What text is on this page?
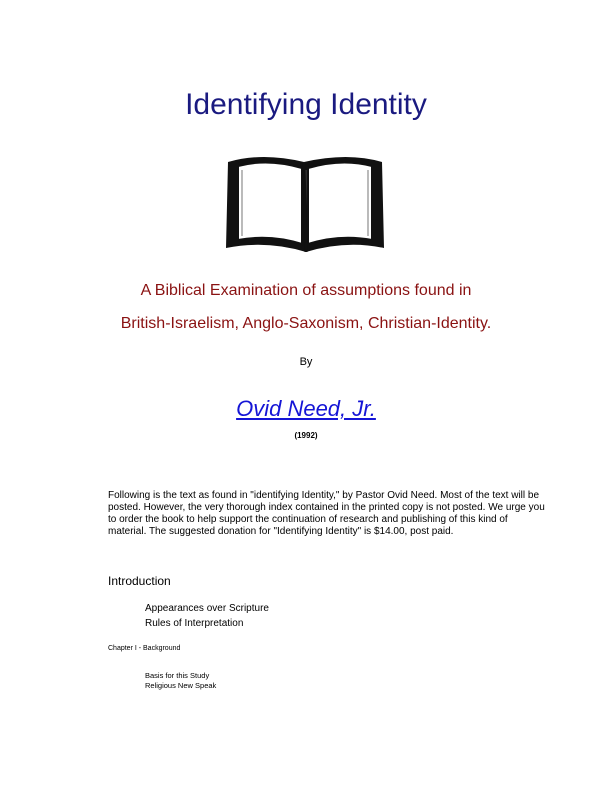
Identifying Identity
A Biblical Examination of assumptions found in
British-Israelism, Anglo-Saxonism, Christian-Identity.
By
Ovid Need, Jr.
(1992)

Following is the text as found in "identifying Identity," by Pastor Ovid Need. Most of the text will be posted. However, the very thorough index contained in the printed copy is not posted. We urge you to order the book to help support the continuation of research and publishing of this kind of material. The suggested donation for "Identifying Identity" is $14.00, post paid.

Introduction
Appearances over Scripture
Rules of Interpretation
Chapter I - Background
Basis for this Study
Religious New Speak
